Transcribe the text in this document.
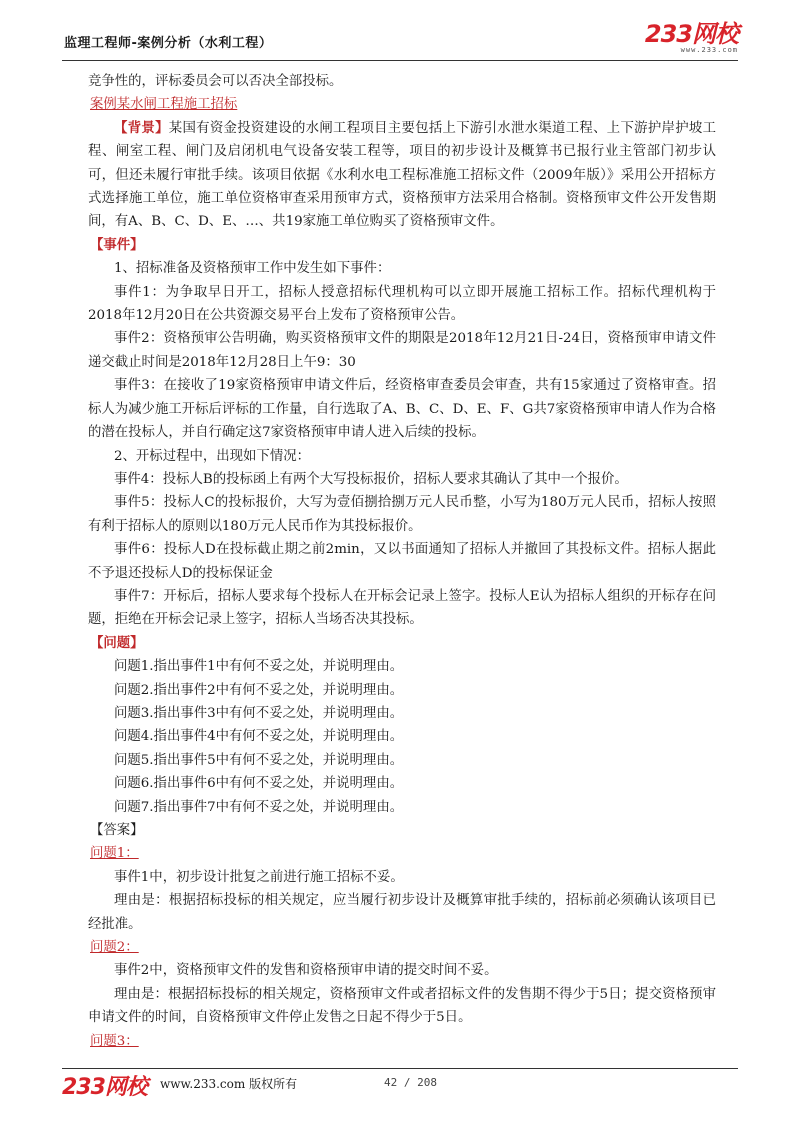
监理工程师-案例分析（水利工程）	233网校
www.233.com

竞争性的，评标委员会可以否决全部投标。

案例某水闸工程施工招标

【背景】某国有资金投资建设的水闸工程项目主要包括上下游引水泄水渠道工程、上下游护岸护坡工程、闸室工程、闸门及启闭机电气设备安装工程等，项目的初步设计及概算书已报行业主管部门初步认可，但还未履行审批手续。该项目依据《水利水电工程标准施工招标文件（2009年版）》采用公开招标方式选择施工单位，施工单位资格审查采用预审方式，资格预审方法采用合格制。资格预审文件公开发售期间，有A、B、C、D、E、…、共19家施工单位购买了资格预审文件。

【事件】

1、招标准备及资格预审工作中发生如下事件：

事件1：为争取早日开工，招标人授意招标代理机构可以立即开展施工招标工作。招标代理机构于2018年12月20日在公共资源交易平台上发布了资格预审公告。

事件2：资格预审公告明确，购买资格预审文件的期限是2018年12月21日-24日，资格预审申请文件递交截止时间是2018年12月28日上午9：30

事件3：在接收了19家资格预审申请文件后，经资格审查委员会审查，共有15家通过了资格审查。招标人为减少施工开标后评标的工作量，自行选取了A、B、C、D、E、F、G共7家资格预审申请人作为合格的潜在投标人，并自行确定这7家资格预审申请人进入后续的投标。

2、开标过程中，出现如下情况：

事件4：投标人B的投标函上有两个大写投标报价，招标人要求其确认了其中一个报价。

事件5：投标人C的投标报价，大写为壹佰捌拾捌万元人民币整，小写为180万元人民币，招标人按照有利于招标人的原则以180万元人民币作为其投标报价。

事件6：投标人D在投标截止期之前2min，又以书面通知了招标人并撤回了其投标文件。招标人据此不予退还投标人D的投标保证金

事件7：开标后，招标人要求每个投标人在开标会记录上签字。投标人E认为招标人组织的开标存在问题，拒绝在开标会记录上签字，招标人当场否决其投标。

【问题】

问题1.指出事件1中有何不妥之处，并说明理由。

问题2.指出事件2中有何不妥之处，并说明理由。

问题3.指出事件3中有何不妥之处，并说明理由。

问题4.指出事件4中有何不妥之处，并说明理由。

问题5.指出事件5中有何不妥之处，并说明理由。

问题6.指出事件6中有何不妥之处，并说明理由。

问题7.指出事件7中有何不妥之处，并说明理由。

【答案】

问题1：

事件1中，初步设计批复之前进行施工招标不妥。

理由是：根据招标投标的相关规定，应当履行初步设计及概算审批手续的，招标前必须确认该项目已经批准。

问题2：

事件2中，资格预审文件的发售和资格预审申请的提交时间不妥。

理由是：根据招标投标的相关规定，资格预审文件或者招标文件的发售期不得少于5日；提交资格预审申请文件的时间，自资格预审文件停止发售之日起不得少于5日。

问题3：

233网校 www.233.com 版权所有	42 / 208
